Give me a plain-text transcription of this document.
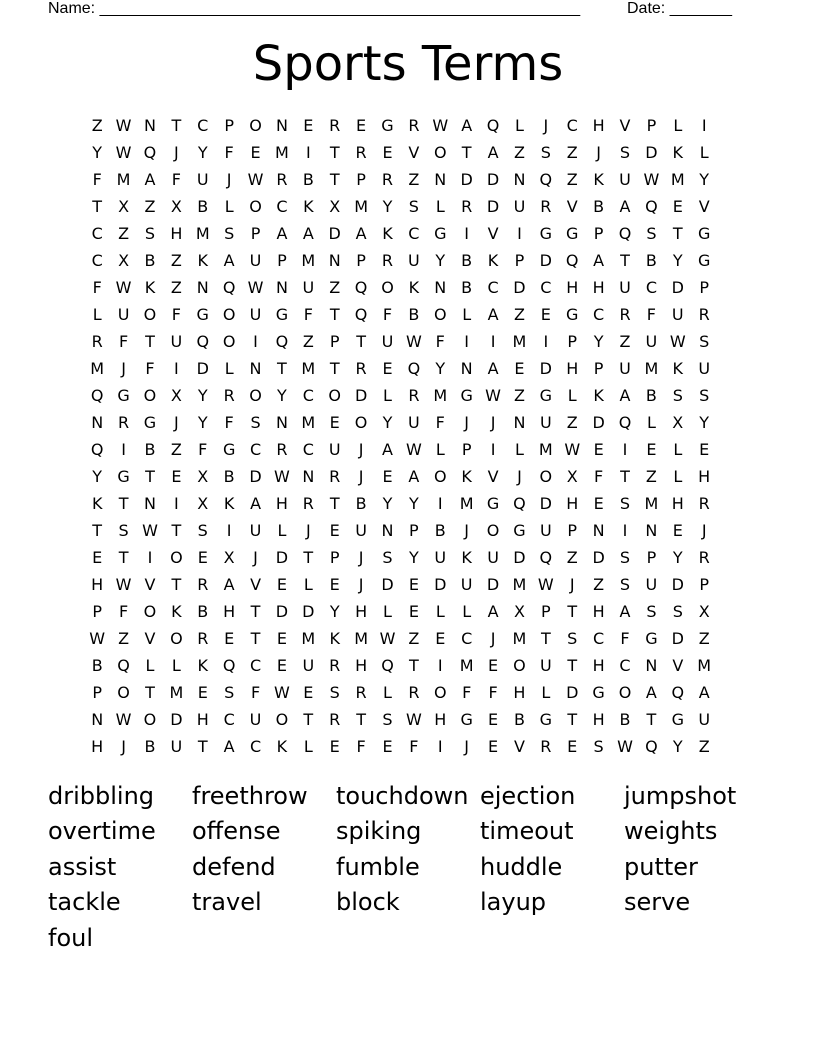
Name: ______________________________________________________	Date: _______
Sports Terms
Z W N T C P O N E R E G R W A Q L	J	C H V	P	L	I
Y W Q	J	Y	F	E M	I	T R E V O T	A Z S Z	J	S D K	L
F M A	F U	J	W R B	T	P	R Z N D D N Q Z K U W M Y
T	X Z X B	L O C K X M Y	S	L	R D U R V B A Q E V
C Z S H M S	P	A A D A K C G	I	V	I	G G P Q S	T G
C X B Z K A U P M N P	R U Y	B K	P D Q A	T	B	Y G
F W K Z N Q W N U Z Q O K N B C D C H H U C D P
L	U O F G O U G F	T Q F	B O L	A Z E G C R	F U R
R	F	T U Q O	I	Q Z	P	T U W F	I	I	M	I	P	Y	Z U W S
M	J	F	I	D L N T M T R E Q Y N A E D H P U M K U
Q G O X	Y R O Y C O D L	R M G W Z G L	K A B S	S
N R G	J	Y	F	S N M E O Y U F	J	J	N U Z D Q L	X	Y
Q	I	B Z	F G C R C U	J	A W L	P	I	L M W E	I	E	L	E
Y G T	E X B D W N R	J	E A O K V	J	O X	F	T	Z	L H
K	T N	I	X K A H R T	B	Y	Y	I	M G Q D H E	S M H R
T	S W T	S	I	U	L	J	E U N P	B	J	O G U P N	I	N E	J
E	T	I	O E X	J	D T	P	J	S	Y U K U D Q Z D S	P	Y R
H W V	T R A V E	L	E	J	D E D U D M W	J	Z S U D P
P	F O K B H T D D Y H L	E	L	L	A X	P	T H A S	S X
W Z V O R E	T	E M K M W Z E C	J	M T	S C	F G D Z
B Q L	L	K Q C E U R H Q T	I	M E O U T H C N V M
P O T M E	S	F W E	S R	L	R O F	F H L D G O A Q A
N W O D H C U O T R T	S W H G E B G T H B	T G U
H	J	B U T	A C K	L	E	F	E	F	I	J	E V R E	S W Q Y	Z
dribbling	freethrow	touchdown ejection	jumpshot
overtime	offense	spiking	timeout	weights
assist	defend	fumble	huddle	putter
tackle	travel	block	layup	serve
foul
